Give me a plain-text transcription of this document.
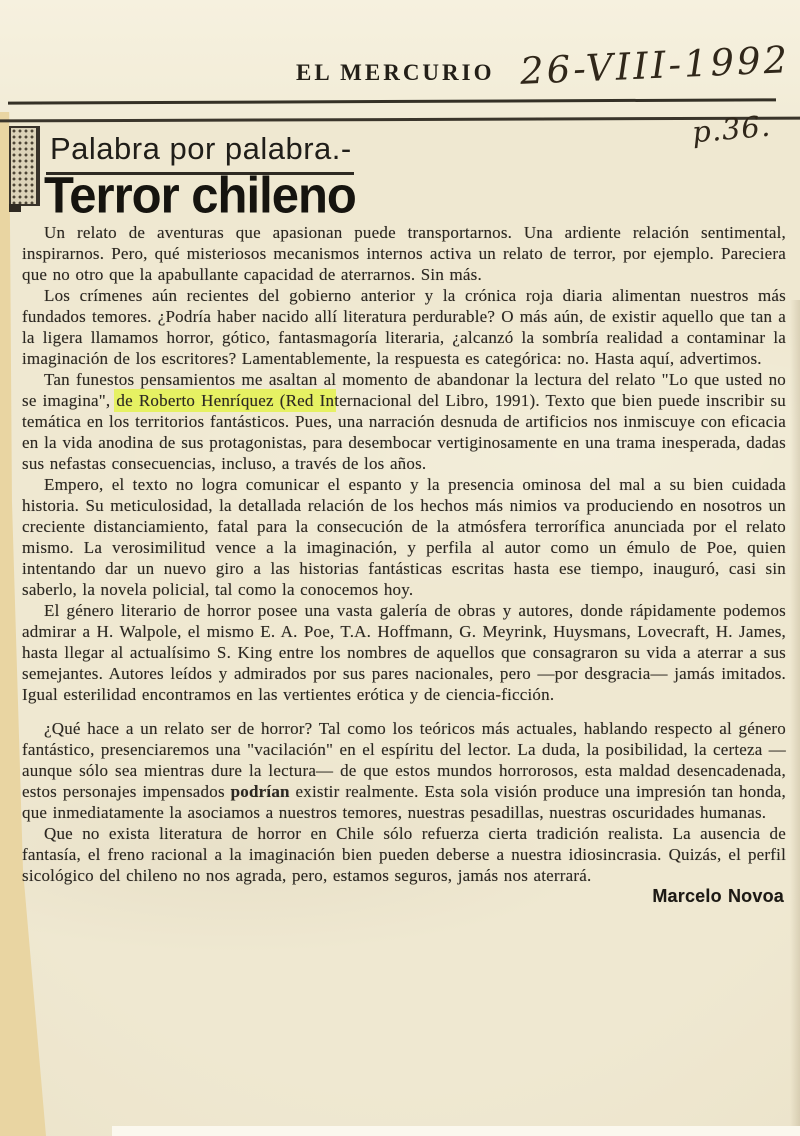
EL MERCURIO 26-VIII-1992
p.36.
Palabra por palabra.-
Terror chileno

Un relato de aventuras que apasionan puede transportarnos. Una ardiente relación sentimental, inspirarnos. Pero, qué misteriosos mecanismos internos activa un relato de terror, por ejemplo. Pareciera que no otro que la apabullante capacidad de aterrarnos. Sin más.

Los crímenes aún recientes del gobierno anterior y la crónica roja diaria alimentan nuestros más fundados temores. ¿Podría haber nacido allí literatura perdurable? O más aún, de existir aquello que tan a la ligera llamamos horror, gótico, fantasmagoría literaria, ¿alcanzó la sombría realidad a contaminar la imaginación de los escritores? Lamentablemente, la respuesta es categórica: no. Hasta aquí, advertimos.

Tan funestos pensamientos me asaltan al momento de abandonar la lectura del relato "Lo que usted no se imagina", de Roberto Henríquez (Red Internacional del Libro, 1991). Texto que bien puede inscribir su temática en los territorios fantásticos. Pues, una narración desnuda de artificios nos inmiscuye con eficacia en la vida anodina de sus protagonistas, para desembocar vertiginosamente en una trama inesperada, dadas sus nefastas consecuencias, incluso, a través de los años.

Empero, el texto no logra comunicar el espanto y la presencia ominosa del mal a su bien cuidada historia. Su meticulosidad, la detallada relación de los hechos más nimios va produciendo en nosotros un creciente distanciamiento, fatal para la consecución de la atmósfera terrorífica anunciada por el relato mismo. La verosimilitud vence a la imaginación, y perfila al autor como un émulo de Poe, quien intentando dar un nuevo giro a las historias fantásticas escritas hasta ese tiempo, inauguró, casi sin saberlo, la novela policial, tal como la conocemos hoy.

El género literario de horror posee una vasta galería de obras y autores, donde rápidamente podemos admirar a H. Walpole, el mismo E. A. Poe, T.A. Hoffmann, G. Meyrink, Huysmans, Lovecraft, H. James, hasta llegar al actualísimo S. King entre los nombres de aquellos que consagraron su vida a aterrar a sus semejantes. Autores leídos y admirados por sus pares nacionales, pero —por desgracia— jamás imitados. Igual esterilidad encontramos en las vertientes erótica y de ciencia-ficción.

¿Qué hace a un relato ser de horror? Tal como los teóricos más actuales, hablando respecto al género fantástico, presenciaremos una "vacilación" en el espíritu del lector. La duda, la posibilidad, la certeza —aunque sólo sea mientras dure la lectura— de que estos mundos horrorosos, esta maldad desencadenada, estos personajes impensados podrían existir realmente. Esta sola visión produce una impresión tan honda, que inmediatamente la asociamos a nuestros temores, nuestras pesadillas, nuestras oscuridades humanas.

Que no exista literatura de horror en Chile sólo refuerza cierta tradición realista. La ausencia de fantasía, el freno racional a la imaginación bien pueden deberse a nuestra idiosincrasia. Quizás, el perfil sicológico del chileno no nos agrada, pero, estamos seguros, jamás nos aterrará.

Marcelo Novoa
